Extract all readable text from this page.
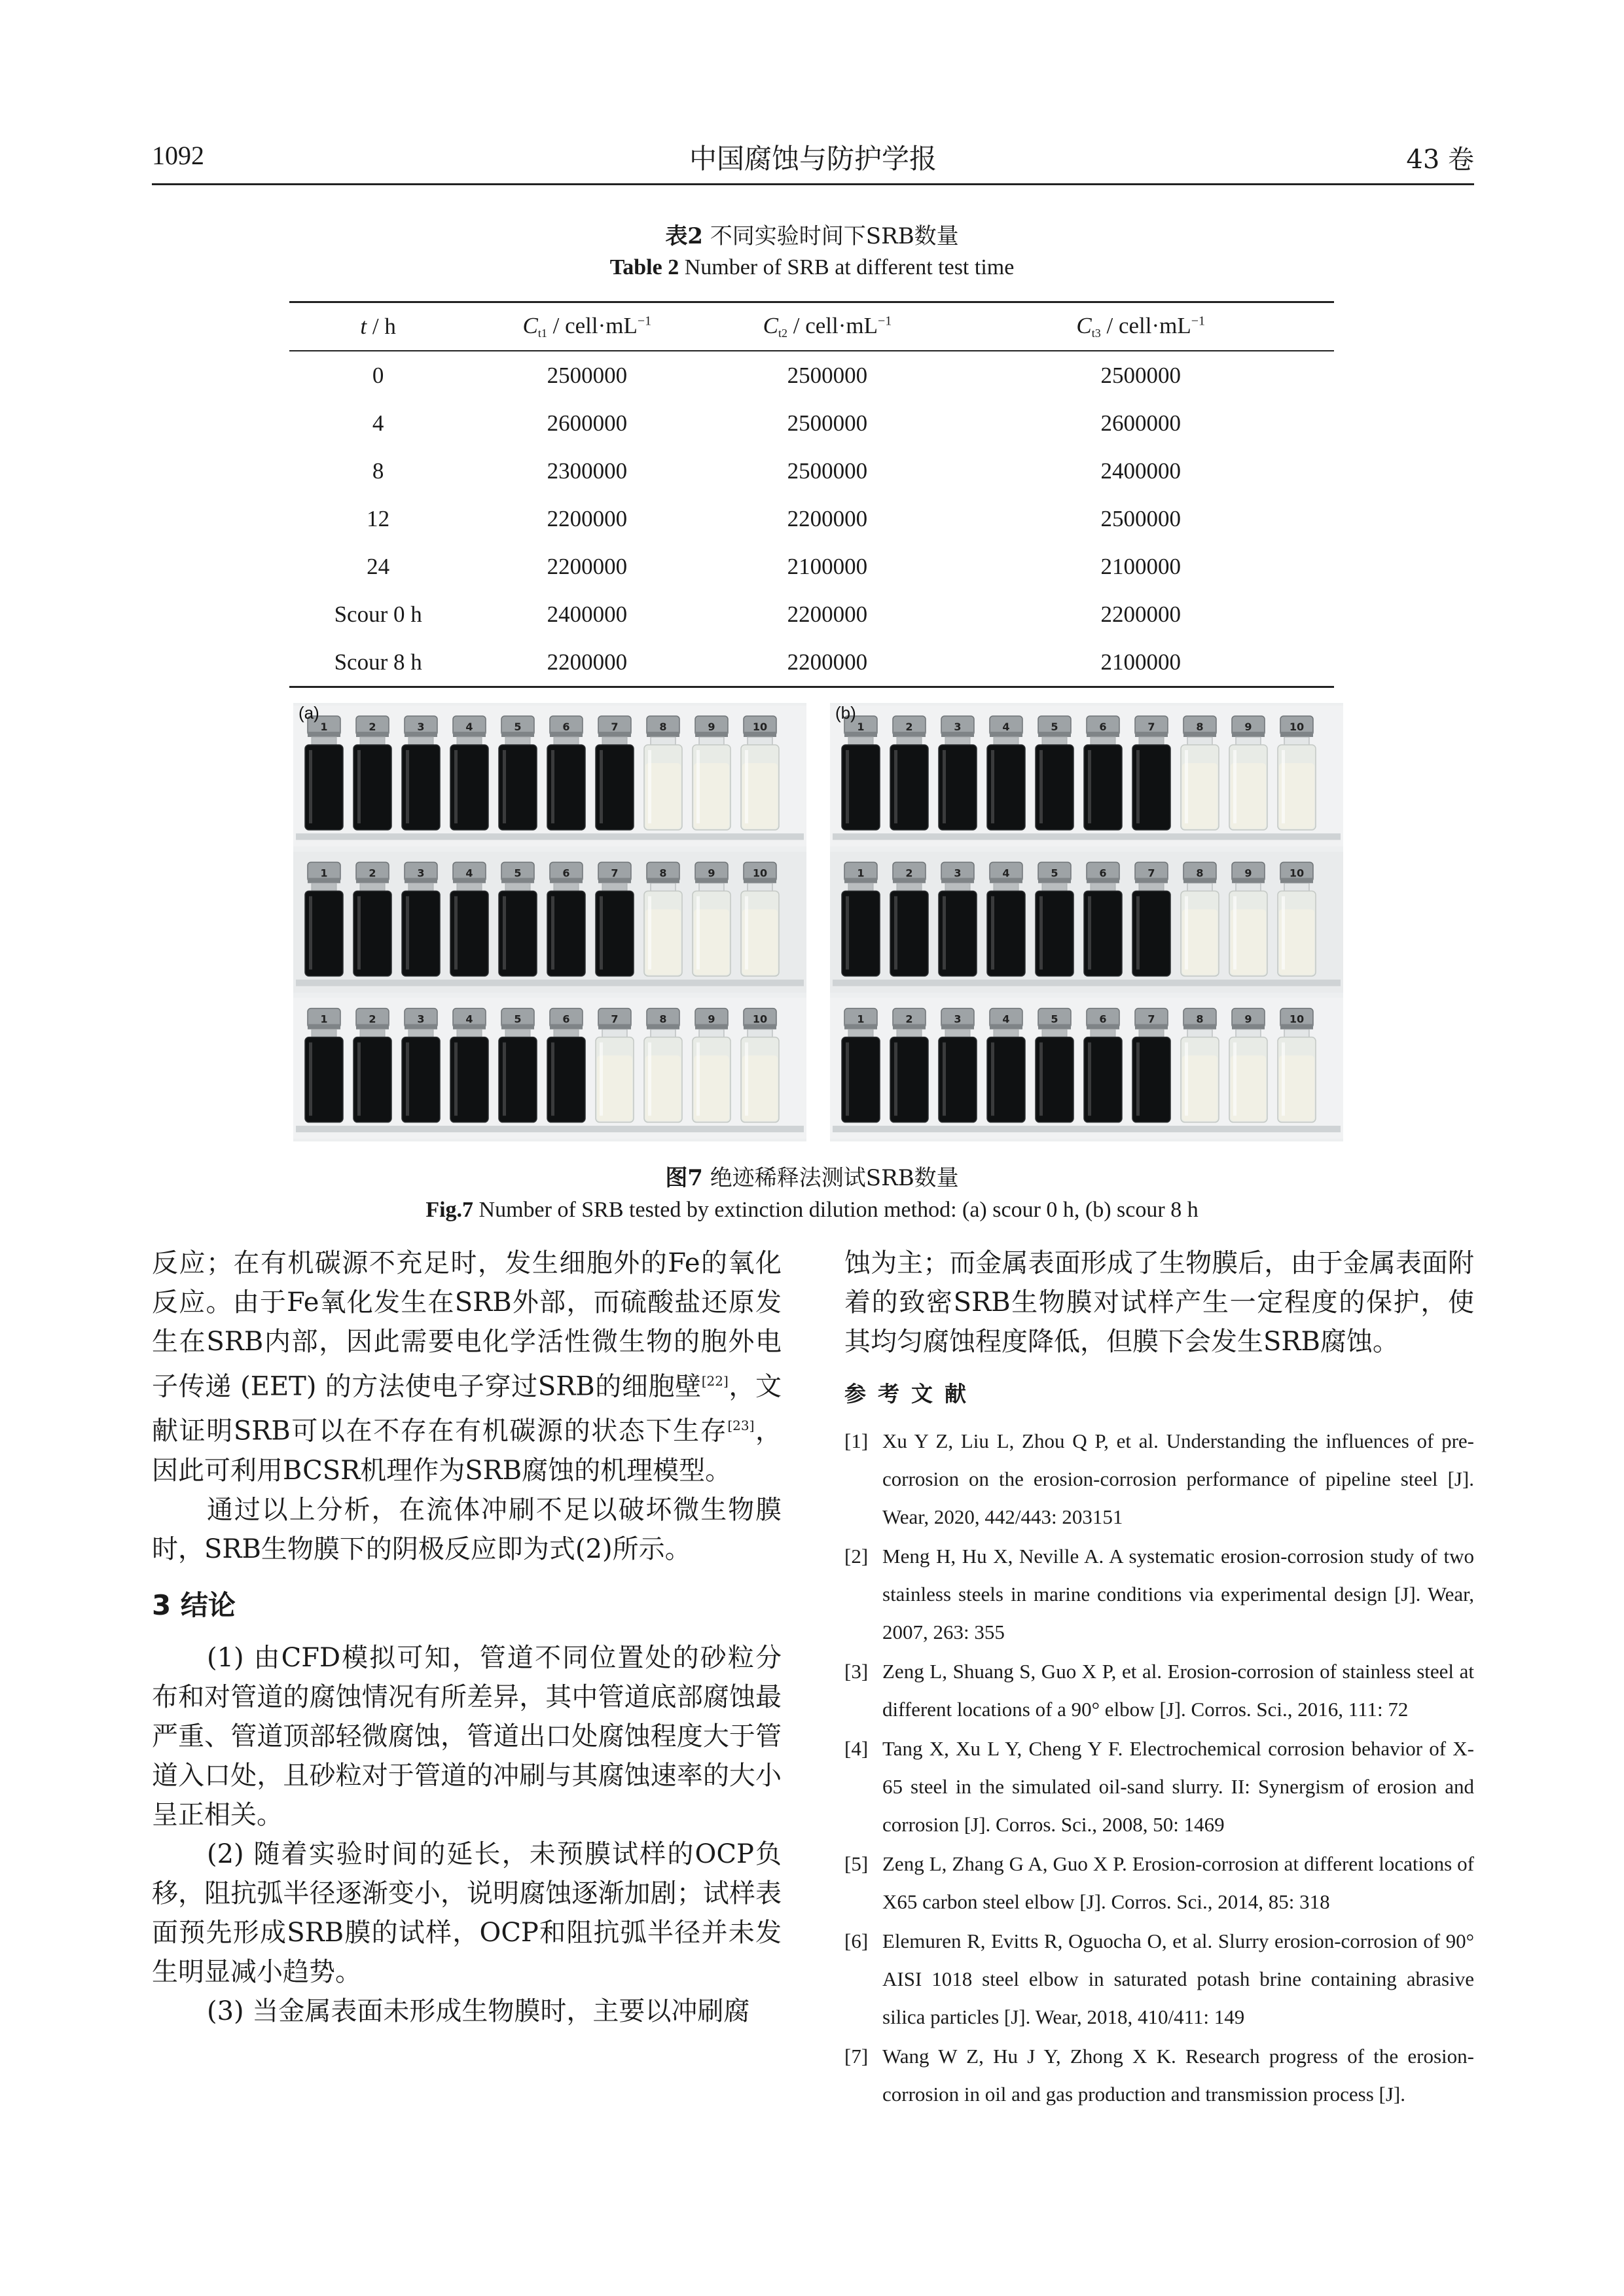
1092	中国腐蚀与防护学报	43 卷
表2 不同实验时间下SRB数量
Table 2 Number of SRB at different test time
t / h	$C_{t1}$ / $cell\cdot mL^{-1}$	$C_{t2}$ / $cell\cdot mL^{-1}$	$C_{t3}$ / $cell\cdot mL^{-1}$
0	2500000	2500000	2500000
4	2600000	2500000	2600000
8	2300000	2500000	2400000
12	2200000	2200000	2500000
24	2200000	2100000	2100000
Scour 0 h	2400000	2200000	2200000
Scour 8 h	2200000	2200000	2100000
1	2	3	4	5	6	7	8	9	10
1	2	3	4	5	6	7	8	9	10
1	2	3	4	5	6	7	8	9	10
(a)
1	2	3	4	5	6	7	8	9	10
1	2	3	4	5	6	7	8	9	10
1	2	3	4	5	6	7	8	9	10
(b)
图7 绝迹稀释法测试SRB数量
Fig.7 Number of SRB tested by extinction dilution method: (a) scour 0 h, (b) scour 8 h

反应；在有机碳源不充足时，发生细胞外的Fe的氧化反应。由于Fe氧化发生在SRB外部，而硫酸盐还原发生在SRB内部，因此需要电化学活性微生物的胞外电子传递 (EET) 的方法使电子穿过SRB的细胞壁[22]，文献证明SRB可以在不存在有机碳源的状态下生存[23]，因此可利用BCSR机理作为SRB腐蚀的机理模型。

通过以上分析，在流体冲刷不足以破坏微生物膜时，SRB生物膜下的阴极反应即为式(2)所示。

3 结论

(1) 由CFD模拟可知，管道不同位置处的砂粒分布和对管道的腐蚀情况有所差异，其中管道底部腐蚀最严重、管道顶部轻微腐蚀，管道出口处腐蚀程度大于管道入口处，且砂粒对于管道的冲刷与其腐蚀速率的大小呈正相关。

(2) 随着实验时间的延长，未预膜试样的OCP负移，阻抗弧半径逐渐变小，说明腐蚀逐渐加剧；试样表面预先形成SRB膜的试样，OCP和阻抗弧半径并未发生明显减小趋势。

(3) 当金属表面未形成生物膜时，主要以冲刷腐

蚀为主；而金属表面形成了生物膜后，由于金属表面附着的致密SRB生物膜对试样产生一定程度的保护，使其均匀腐蚀程度降低，但膜下会发生SRB腐蚀。

参考文献
[1] Xu Y Z, Liu L, Zhou Q P, et al. Understanding the influences of pre-corrosion on the erosion-corrosion performance of pipeline steel [J]. Wear, 2020, 442/443: 203151
[2] Meng H, Hu X, Neville A. A systematic erosion-corrosion study of two stainless steels in marine conditions via experimental design [J]. Wear, 2007, 263: 355
[3] Zeng L, Shuang S, Guo X P, et al. Erosion-corrosion of stainless steel at different locations of a 90° elbow [J]. Corros. Sci., 2016, 111: 72
[4] Tang X, Xu L Y, Cheng Y F. Electrochemical corrosion behavior of X-65 steel in the simulated oil-sand slurry. II: Synergism of erosion and corrosion [J]. Corros. Sci., 2008, 50: 1469
[5] Zeng L, Zhang G A, Guo X P. Erosion-corrosion at different locations of X65 carbon steel elbow [J]. Corros. Sci., 2014, 85: 318
[6] Elemuren R, Evitts R, Oguocha O, et al. Slurry erosion-corrosion of 90° AISI 1018 steel elbow in saturated potash brine containing abrasive silica particles [J]. Wear, 2018, 410/411: 149
[7] Wang W Z, Hu J Y, Zhong X K. Research progress of the erosion-corrosion in oil and gas production and transmission process [J].
